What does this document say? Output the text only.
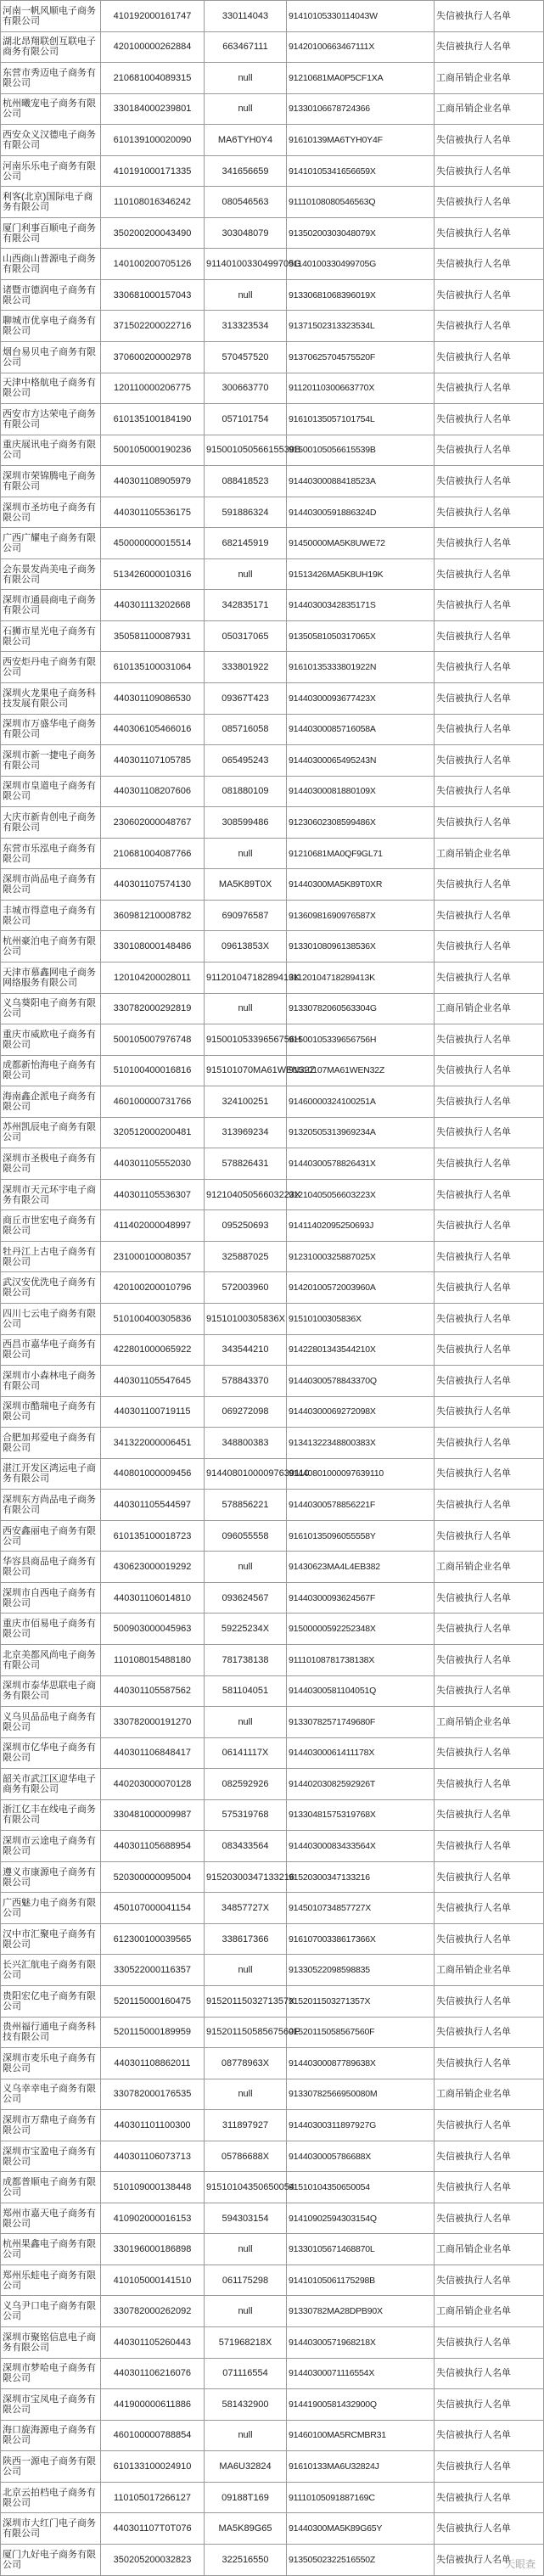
河南一帆风顺电子商务有限公司	410192000161747	330114043	91410105330114043W	失信被执行人名单
湖北昂翔联创互联电子商务有限公司	420100000262884	663467111	91420100663467111X	失信被执行人名单
东营市秀迈电子商务有限公司	210681004089315	null	91210681MA0P5CF1XA	工商吊销企业名单
杭州曦宠电子商务有限公司	330184000239801	null	91330106678724366	工商吊销企业名单
西安众义汉德电子商务有限公司	610139100020090	MA6TYH0Y4	91610139MA6TYH0Y4F	失信被执行人名单
河南乐乐电子商务有限公司	410191000171335	341656659	91410105341656659X	失信被执行人名单
利客(北京)国际电子商务有限公司	110108016346242	080546563	91110108080546563Q	失信被执行人名单
厦门利事百顺电子商务有限公司	350200200043490	303048079	91350200303048079X	失信被执行人名单
山西商山普源电子商务有限公司	140100200705126	91140100330499705G	91140100330499705G	失信被执行人名单
诸暨市德润电子商务有限公司	330681000157043	null	91330681068396019X	失信被执行人名单
聊城市优享电子商务有限公司	371502200022716	313323534	91371502313323534L	失信被执行人名单
烟台易贝电子商务有限公司	370600200002978	570457520	91370625704575520F	失信被执行人名单
天津中格航电子商务有限公司	120110000206775	300663770	91120110300663770X	失信被执行人名单
西安市方达荣电子商务有限公司	610135100184190	057101754	91610135057101754L	失信被执行人名单
重庆展讯电子商务有限公司	500105000190236	91500105056615539B	91500105056615539B	失信被执行人名单
深圳市荣锦腾电子商务有限公司	440301108905979	088418523	91440300088418523A	失信被执行人名单
深圳市圣坊电子商务有限公司	440301105536175	591886324	91440300591886324D	失信被执行人名单
广西广耀电子商务有限公司	450000000015514	682145919	91450000MA5K8UWE72	失信被执行人名单
会东景发尚美电子商务有限公司	513426000010316	null	91513426MA5K8UH19K	失信被执行人名单
深圳市通晨商电子商务有限公司	440301113202668	342835171	91440300342835171S	失信被执行人名单
石狮市星光电子商务有限公司	350581100087931	050317065	91350581050317065X	失信被执行人名单
西安炬丹电子商务有限公司	610135100031064	333801922	91610135333801922N	失信被执行人名单
深圳火龙果电子商务科技发展有限公司	440301109086530	09367T423	91440300093677423X	失信被执行人名单
深圳市万盛华电子商务有限公司	440306105466016	085716058	91440300085716058A	失信被执行人名单
深圳市新一捷电子商务有限公司	440301107105785	065495243	91440300065495243N	失信被执行人名单
深圳市皇道电子商务有限公司	440301108207606	081880109	91440300081880109X	失信被执行人名单
大庆市新肯创电子商务有限公司	230602000048767	308599486	91230602308599486X	失信被执行人名单
东营市乐泓电子商务有限公司	210681004087766	null	91210681MA0QF9GL71	工商吊销企业名单
深圳市尚品电子商务有限公司	440301107574130	MA5K89T0X	91440300MA5K89T0XR	失信被执行人名单
丰城市得意电子商务有限公司	360981210008782	690976587	91360981690976587X	失信被执行人名单
杭州豪泊电子商务有限公司	330108000148486	09613853X	91330108096138536X	失信被执行人名单
天津市慕鑫网电子商务网络服务有限公司	120104200028011	91120104718289413K	91120104718289413K	失信被执行人名单
义乌葵阳电子商务有限公司	330782000292819	null	91330782060563304G	工商吊销企业名单
重庆市威欧电子商务有限公司	500105007976748	91500105339656756H	91500105339656756H	失信被执行人名单
成都新怡海电子商务有限公司	510100400016816	915101070MA61WEN32Z	91510107MA61WEN32Z	失信被执行人名单
海南鑫企派电子商务有限公司	460100000731766	324100251	91460000324100251A	失信被执行人名单
苏州凯辰电子商务有限公司	320512000200481	313969234	91320505313969234A	失信被执行人名单
深圳市圣极电子商务有限公司	440301105552030	578826431	91440300578826431X	失信被执行人名单
深圳市天元环宇电子商务有限公司	440301105536307	91210405056603223X	91210405056603223X	失信被执行人名单
商丘市世宏电子商务有限公司	411402000048997	095250693	91411402095250693J	失信被执行人名单
牡丹江上古电子商务有限公司	231000100080357	325887025	91231000325887025X	失信被执行人名单
武汉安优洗电子商务有限公司	420100200010796	572003960	91420100572003960A	失信被执行人名单
四川七云电子商务有限公司	510100400305836	91510100305836X	91510100305836X	失信被执行人名单
西昌市嘉华电子商务有限公司	422801000065922	343544210	91422801343544210X	失信被执行人名单
深圳市小森林电子商务有限公司	440301105547645	578843370	91440300578843370Q	失信被执行人名单
深圳市酷瑞电子商务有限公司	440301100719115	069272098	91440300069272098X	失信被执行人名单
合肥加邦爱电子商务有限公司	341322000006451	348800383	91341322348800383X	失信被执行人名单
湛江开发区鸿运电子商务有限公司	440801000009456	91440801000097639110	91440801000097639110	失信被执行人名单
深圳东方尚品电子商务有限公司	440301105544597	578856221	91440300578856221F	失信被执行人名单
西安鑫丽电子商务有限公司	610135100018723	096055558	91610135096055558Y	失信被执行人名单
华容县商品电子商务有限公司	430623000019292	null	91430623MA4L4EB382	工商吊销企业名单
深圳市自西电子商务有限公司	440301106014810	093624567	91440300093624567F	失信被执行人名单
重庆市佰易电子商务有限公司	500903000045963	59225234X	91500000592252348X	失信被执行人名单
北京美都风尚电子商务有限公司	110108015488180	781738138	91110108781738138X	失信被执行人名单
深圳市泰华思联电子商务有限公司	440301105587562	581104051	91440300581104051Q	失信被执行人名单
义乌贝品品电子商务有限公司	330782000191270	null	91330782571749680F	工商吊销企业名单
深圳市亿华电子商务有限公司	440301106848417	06141117X	91440300061411178X	失信被执行人名单
韶关市武江区迎华电子商务有限公司	440203000070128	082592926	91440203082592926T	失信被执行人名单
浙江亿丰在线电子商务有限公司	330481000009987	575319768	91330481575319768X	失信被执行人名单
深圳市云途电子商务有限公司	440301105688954	083433564	91440300083433564X	失信被执行人名单
遵义市康源电子商务有限公司	520300000095004	91520300347133216	91520300347133216	失信被执行人名单
广西魅力电子商务有限公司	450107000041154	34857727X	9145010734857727X	失信被执行人名单
汉中市汇聚电子商务有限公司	612300100039565	338617366	91610700338617366X	失信被执行人名单
长兴汇航电子商务有限公司	330522000116357	null	91330522098598835	工商吊销企业名单
贵阳宏亿电子商务有限公司	520115000160475	9152011503271357X	9152011503271357X	失信被执行人名单
贵州福行通电子商务科技有限公司	520115000189959	91520115058567560F	91520115058567560F	失信被执行人名单
深圳市麦乐电子商务有限公司	440301108862011	08778963X	91440300087789638X	失信被执行人名单
义乌幸幸电子商务有限公司	330782000176535	null	91330782566950080M	工商吊销企业名单
深圳市万鼎电子商务有限公司	440301101100300	311897927	91440300311897927G	失信被执行人名单
深圳市宝盈电子商务有限公司	440301106073713	05786688X	9144030005786688X	失信被执行人名单
成都普顺电子商务有限公司	510109000138448	91510104350650054	91510104350650054	失信被执行人名单
郑州市嘉天电子商务有限公司	410902000016153	594303154	91410902594303154Q	失信被执行人名单
杭州果鑫电子商务有限公司	330196000186898	null	91330105671468870L	工商吊销企业名单
郑州乐蛙电子商务有限公司	410105000141510	061175298	91410105061175298B	失信被执行人名单
义乌尹口电子商务有限公司	330782000262092	null	91330782MA28DPB90X	工商吊销企业名单
深圳市聚铭信息电子商务有限公司	440301105260443	571968218X	91440300571968218X	失信被执行人名单
深圳市梦哈电子商务有限公司	440301106216076	071116554	91440300071116554X	失信被执行人名单
深圳市宝凤电子商务有限公司	441900000611886	581432900	91441900581432900Q	失信被执行人名单
海口旋海源电子商务有限公司	460100000788854	null	91460100MA5RCMBR31	失信被执行人名单
陕西一源电子商务有限公司	610133100024910	MA6U32824	91610133MA6U32824J	失信被执行人名单
北京云拍档电子商务有限公司	110105017266127	09188T169	91110105091887169C	失信被执行人名单
深圳市大红门电子商务有限公司	440301107T0T076	MA5K89G65	91440300MA5K89G65Y	失信被执行人名单
厦门九好电子商务有限公司	350205200032823	322516550	91350502322516550Z	失信被执行人名单
天眼查
